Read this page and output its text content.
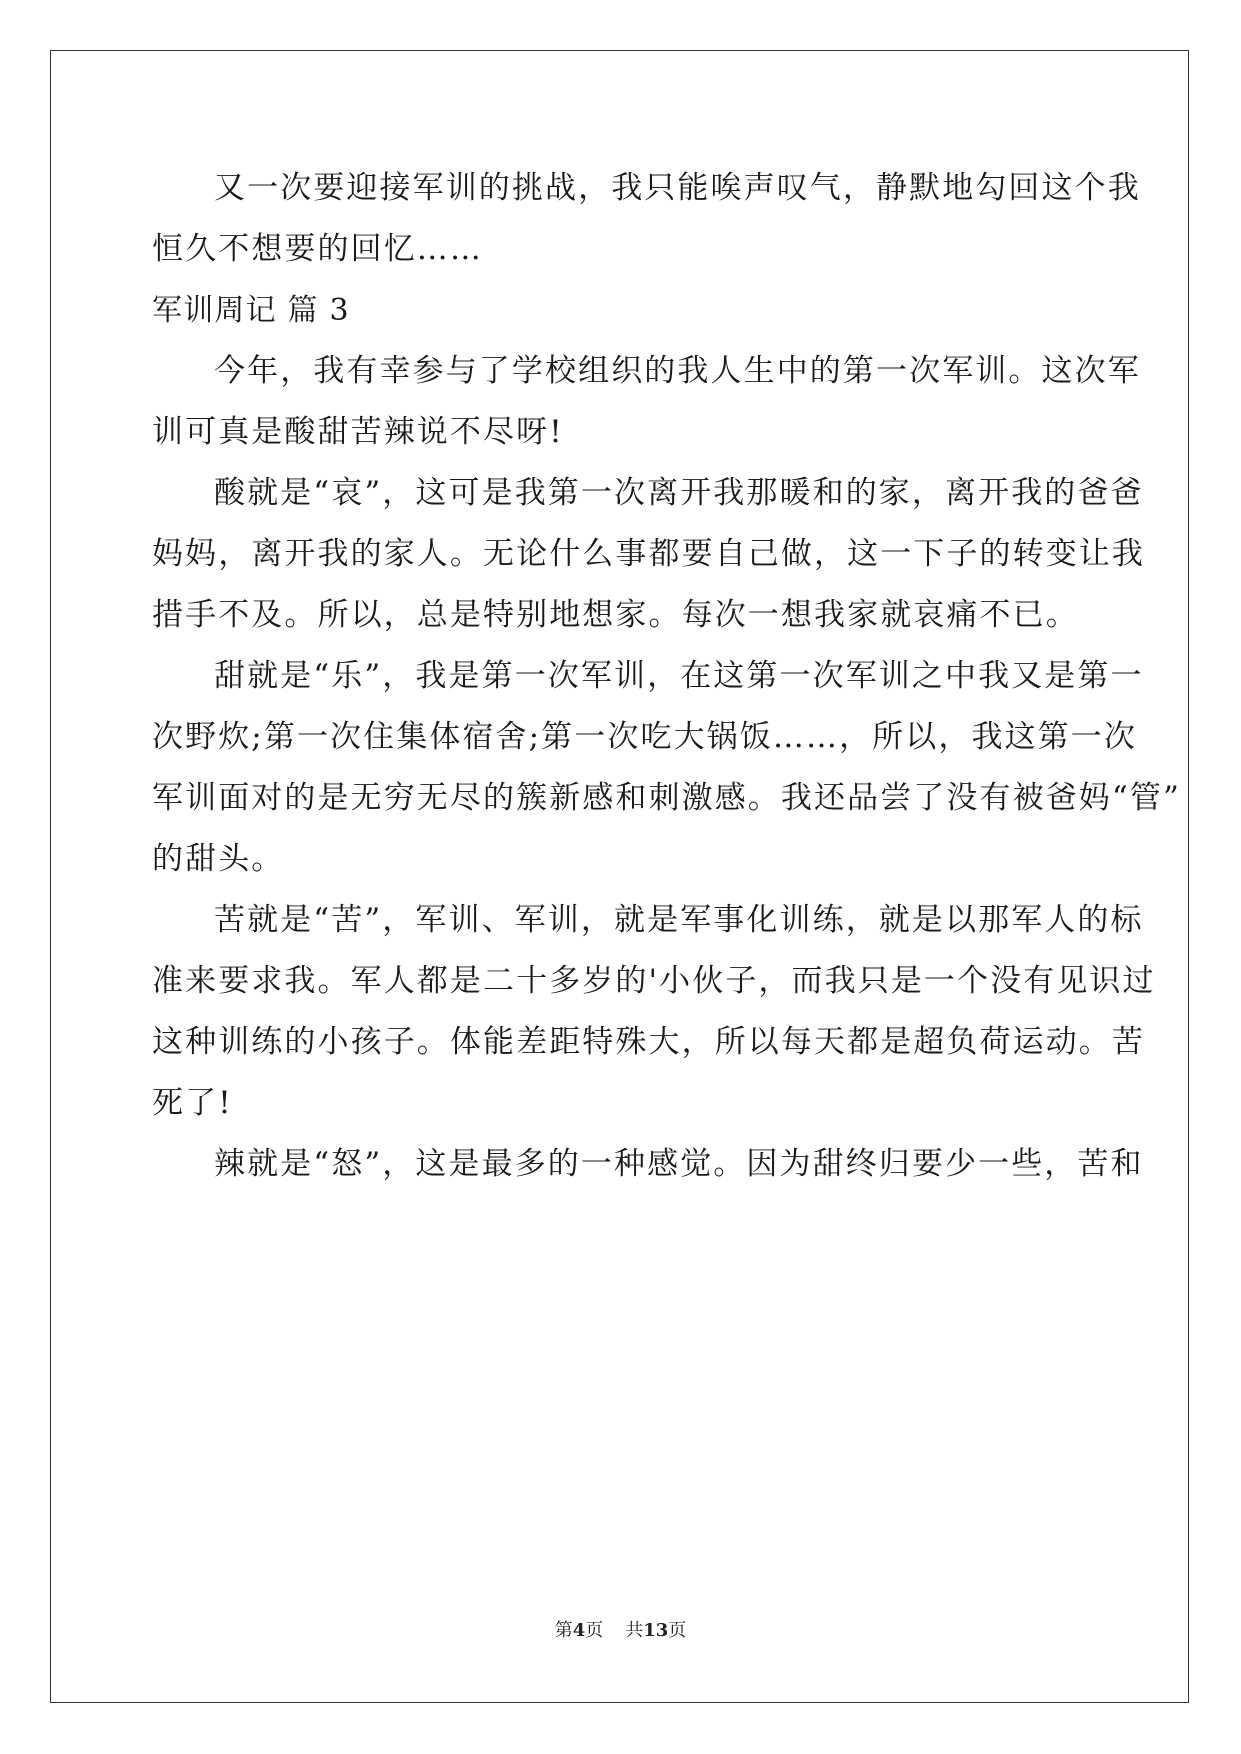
又一次要迎接军训的挑战，我只能唉声叹气，静默地勾回这个我

恒久不想要的回忆……

军训周记 篇 3

今年，我有幸参与了学校组织的我人生中的第一次军训。这次军

训可真是酸甜苦辣说不尽呀!

酸就是“哀”，这可是我第一次离开我那暖和的家，离开我的爸爸

妈妈，离开我的家人。无论什么事都要自己做，这一下子的转变让我

措手不及。所以，总是特别地想家。每次一想我家就哀痛不已。

甜就是“乐”，我是第一次军训，在这第一次军训之中我又是第一

次野炊;第一次住集体宿舍;第一次吃大锅饭……，所以，我这第一次

军训面对的是无穷无尽的簇新感和刺激感。我还品尝了没有被爸妈“管”

的甜头。

苦就是“苦”，军训、军训，就是军事化训练，就是以那军人的标

准来要求我。军人都是二十多岁的'小伙子，而我只是一个没有见识过

这种训练的小孩子。体能差距特殊大，所以每天都是超负荷运动。苦

死了!

辣就是“怒”，这是最多的一种感觉。因为甜终归要少一些，苦和

第4页 共13页
